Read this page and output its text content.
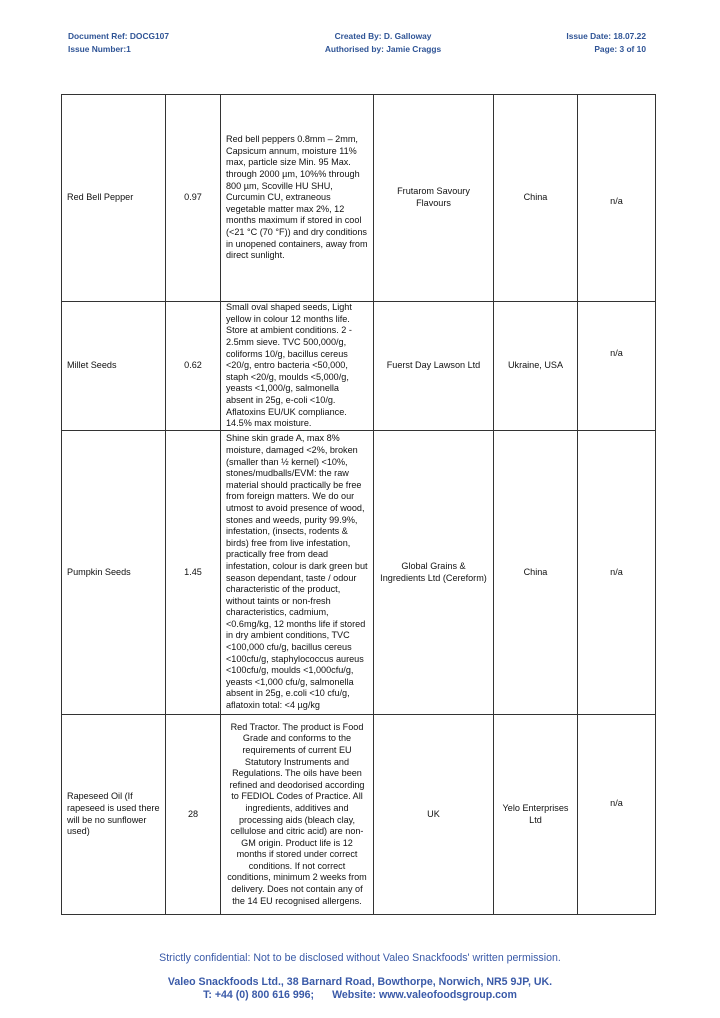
Document Ref: DOCG107
Issue Number:1
Created By: D. Galloway
Authorised by: Jamie Craggs
Issue Date: 18.07.22
Page: 3 of 10
Red Bell Pepper	0.97	Red bell peppers 0.8mm – 2mm, Capsicum annum, moisture 11% max, particle size Min. 95 Max. through 2000 µm, 10%% through 800 µm, Scoville HU SHU, Curcumin CU, extraneous vegetable matter max 2%, 12 months maximum if stored in cool (<21 °C (70 °F)) and dry conditions in unopened containers, away from direct sunlight.	Frutarom Savoury Flavours	China	n/a
Millet Seeds	0.62	Small oval shaped seeds, Light yellow in colour 12 months life. Store at ambient conditions. 2 - 2.5mm sieve. TVC 500,000/g, coliforms 10/g, bacillus cereus <20/g, entro bacteria <50,000, staph <20/g, moulds <5,000/g, yeasts <1,000/g, salmonella absent in 25g, e-coli <10/g. Aflatoxins EU/UK compliance. 14.5% max moisture.	Fuerst Day Lawson Ltd	Ukraine, USA	n/a
Pumpkin Seeds	1.45	Shine skin grade A, max 8% moisture, damaged <2%, broken (smaller than ½ kernel) <10%, stones/mudballs/EVM: the raw material should practically be free from foreign matters. We do our utmost to avoid presence of wood, stones and weeds, purity 99.9%, infestation, (insects, rodents & birds) free from live infestation, practically free from dead infestation, colour is dark green but season dependant, taste / odour characteristic of the product, without taints or non-fresh characteristics, cadmium, <0.6mg/kg, 12 months life if stored in dry ambient conditions, TVC <100,000 cfu/g, bacillus cereus <100cfu/g, staphylococcus aureus <100cfu/g, moulds <1,000cfu/g, yeasts <1,000 cfu/g, salmonella absent in 25g, e.coli <10 cfu/g, aflatoxin total: <4 µg/kg	Global Grains & Ingredients Ltd (Cereform)	China	n/a
Rapeseed Oil (If rapeseed is used there will be no sunflower used)	28	Red Tractor. The product is Food Grade and conforms to the requirements of current EU Statutory Instruments and Regulations. The oils have been refined and deodorised according to FEDIOL Codes of Practice. All ingredients, additives and processing aids (bleach clay, cellulose and citric acid) are non-GM origin. Product life is 12 months if stored under correct conditions. If not correct conditions, minimum 2 weeks from delivery. Does not contain any of the 14 EU recognised allergens.	UK	Yelo Enterprises Ltd	n/a
Strictly confidential: Not to be disclosed without Valeo Snackfoods' written permission.
Valeo Snackfoods Ltd., 38 Barnard Road, Bowthorpe, Norwich, NR5 9JP, UK.
T: +44 (0) 800 616 996; Website: www.valeofoodsgroup.com
